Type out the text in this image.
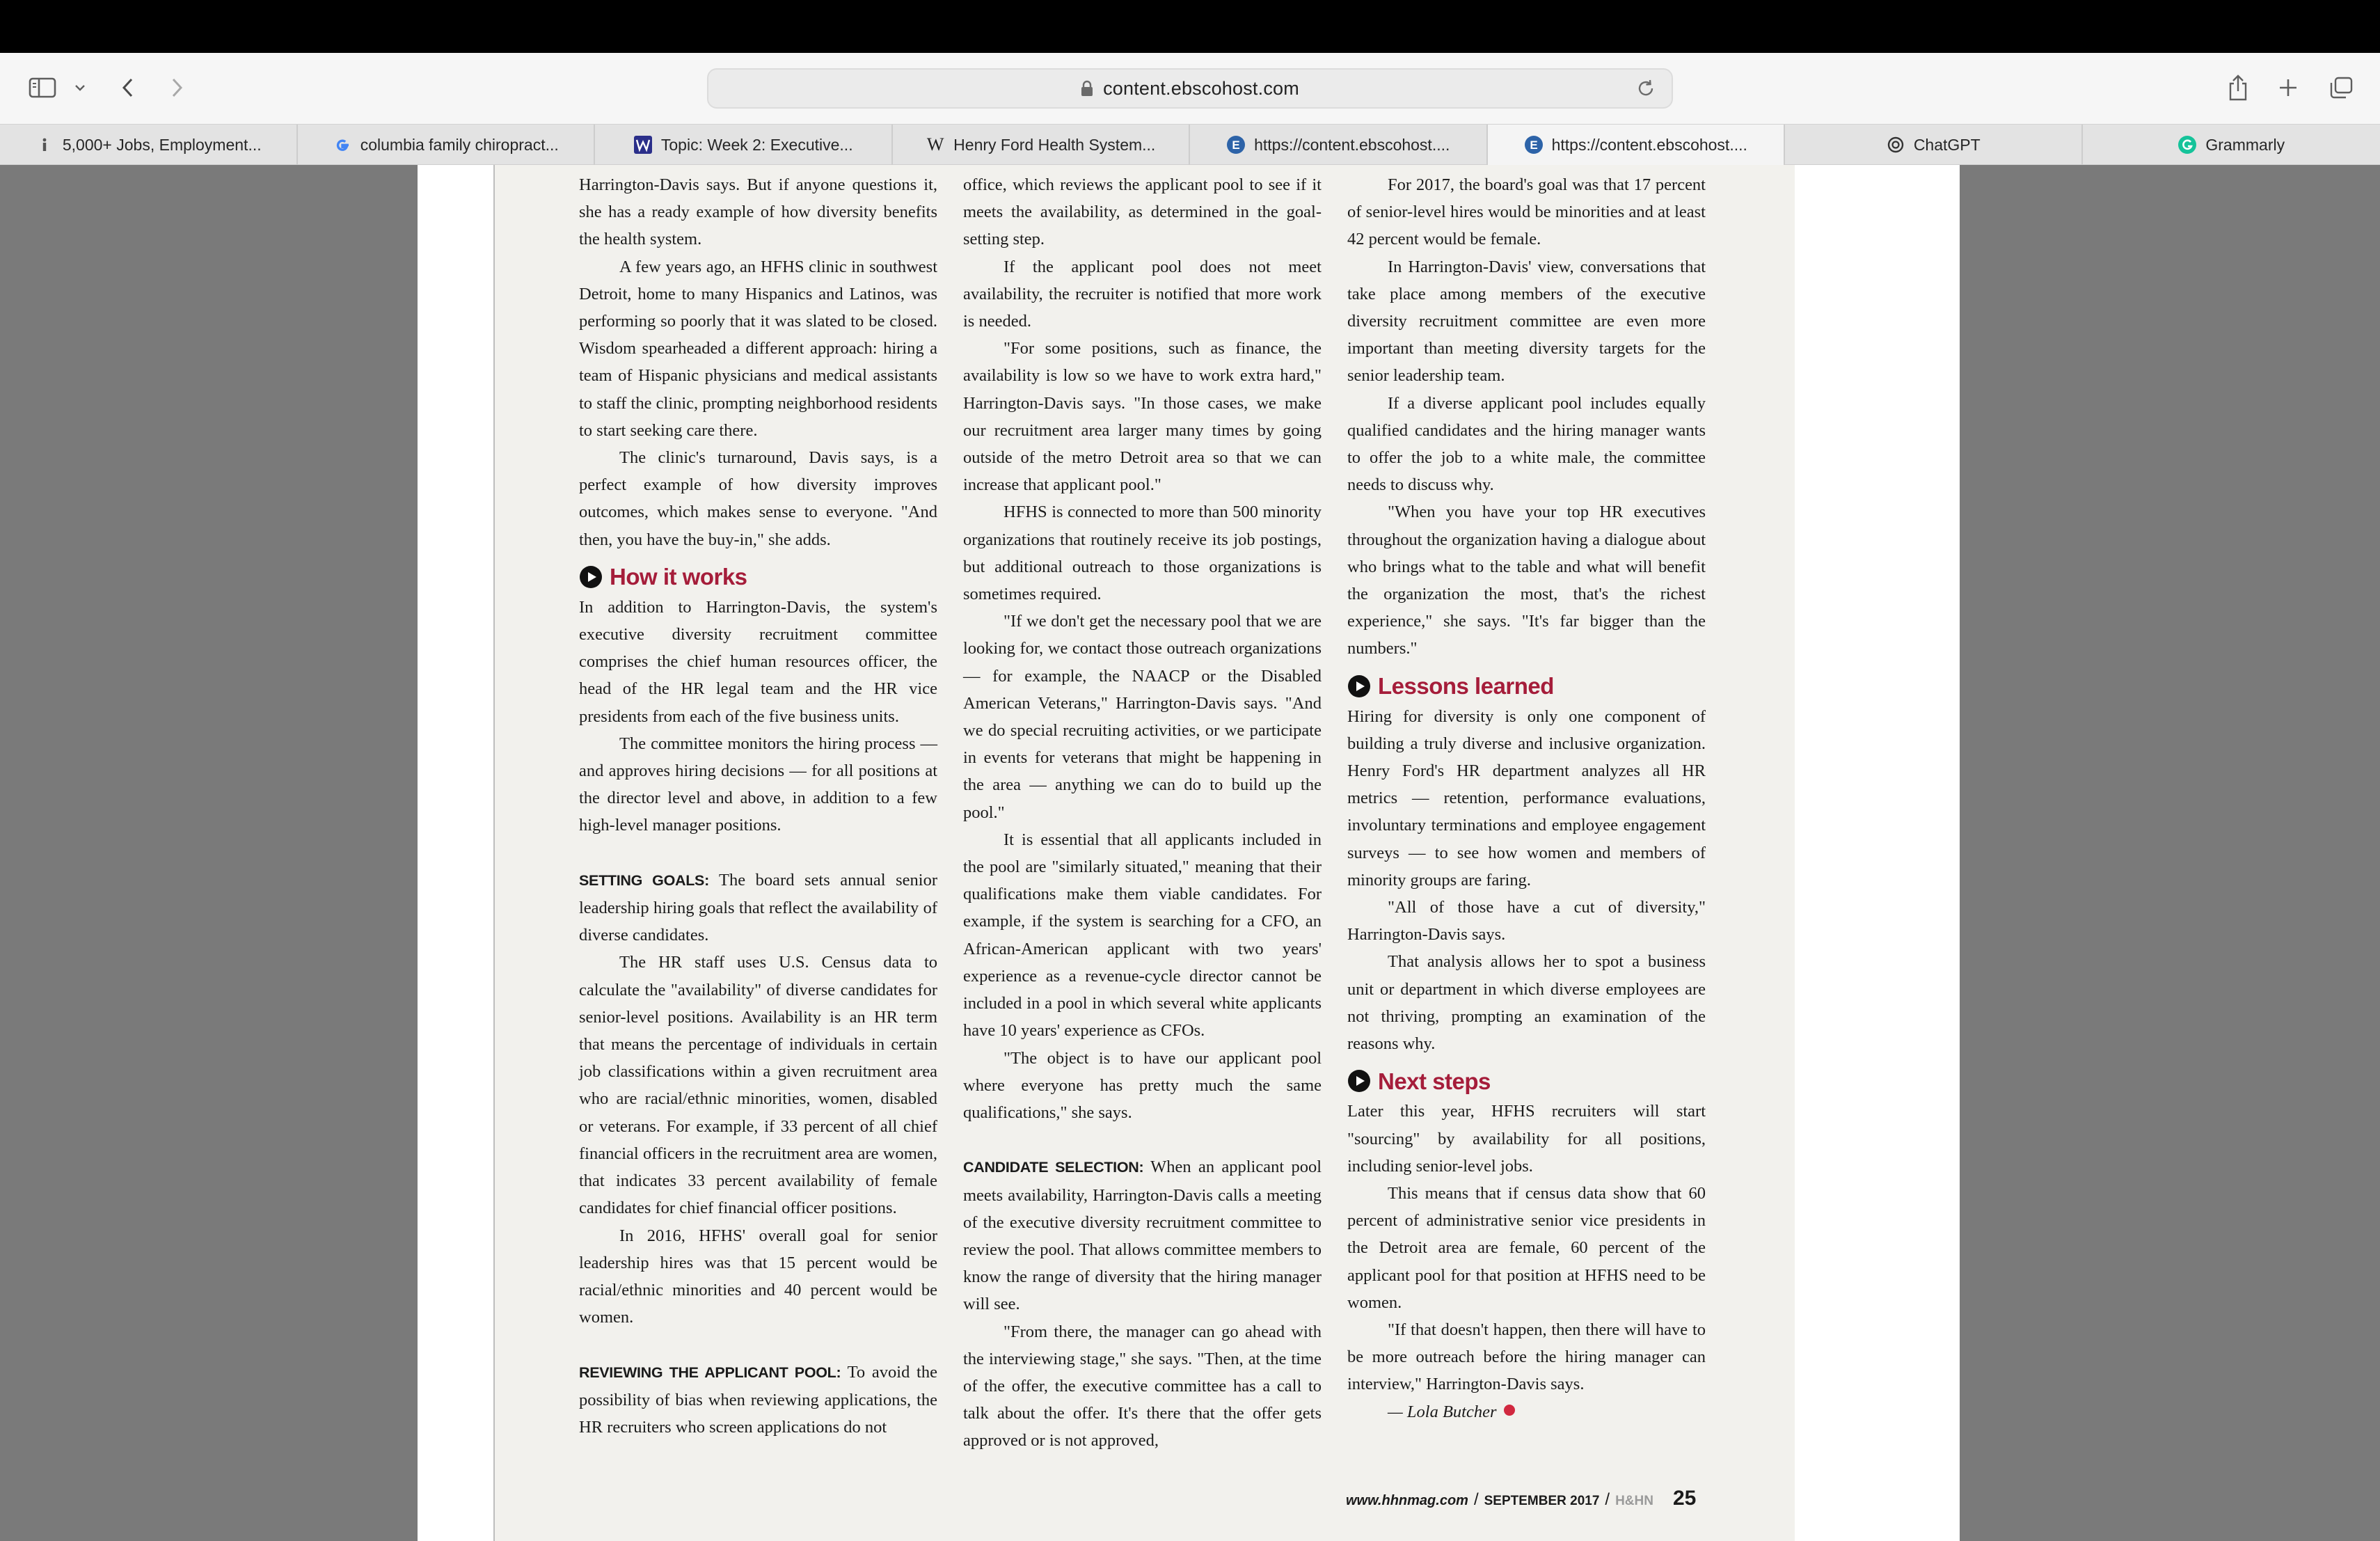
content.ebscohost.com
5,000+ Jobs, Employment...	columbia family chiropract...	Topic: Week 2: Executive...	W Henry Ford Health System...	E https://content.ebscohost....	E https://content.ebscohost....	ChatGPT	Grammarly

Harrington-Davis says. But if anyone questions it, she has a ready example of how diversity benefits the health system.

A few years ago, an HFHS clinic in southwest Detroit, home to many Hispanics and Latinos, was performing so poorly that it was slated to be closed. Wisdom spearheaded a different approach: hiring a team of Hispanic physicians and medical assistants to staff the clinic, prompting neighborhood residents to start seeking care there.

The clinic's turnaround, Davis says, is a perfect example of how diversity improves outcomes, which makes sense to everyone. "And then, you have the buy-in," she adds.

How it works

In addition to Harrington-Davis, the system's executive diversity recruitment committee comprises the chief human resources officer, the head of the HR legal team and the HR vice presidents from each of the five business units.

The committee monitors the hiring process — and approves hiring decisions — for all positions at the director level and above, in addition to a few high-level manager positions.

SETTING GOALS: The board sets annual senior leadership hiring goals that reflect the availability of diverse candidates.

The HR staff uses U.S. Census data to calculate the "availability" of diverse candidates for senior-level positions. Availability is an HR term that means the percentage of individuals in certain job classifications within a given recruitment area who are racial/ethnic minorities, women, disabled or veterans. For example, if 33 percent of all chief financial officers in the recruitment area are women, that indicates 33 percent availability of female candidates for chief financial officer positions.

In 2016, HFHS' overall goal for senior leadership hires was that 15 percent would be racial/ethnic minorities and 40 percent would be women.

REVIEWING THE APPLICANT POOL: To avoid the possibility of bias when reviewing applications, the HR recruiters who screen applications do not

office, which reviews the applicant pool to see if it meets the availability, as determined in the goal-setting step.

If the applicant pool does not meet availability, the recruiter is notified that more work is needed.

"For some positions, such as finance, the availability is low so we have to work extra hard," Harrington-Davis says. "In those cases, we make our recruitment area larger many times by going outside of the metro Detroit area so that we can increase that applicant pool."

HFHS is connected to more than 500 minority organizations that routinely receive its job postings, but additional outreach to those organizations is sometimes required.

"If we don't get the necessary pool that we are looking for, we contact those outreach organizations — for example, the NAACP or the Disabled American Veterans," Harrington-Davis says. "And we do special recruiting activities, or we participate in events for veterans that might be happening in the area — anything we can do to build up the pool."

It is essential that all applicants included in the pool are "similarly situated," meaning that their qualifications make them viable candidates. For example, if the system is searching for a CFO, an African-American applicant with two years' experience as a revenue-cycle director cannot be included in a pool in which several white applicants have 10 years' experience as CFOs.

"The object is to have our applicant pool where everyone has pretty much the same qualifications," she says.

CANDIDATE SELECTION: When an applicant pool meets availability, Harrington-Davis calls a meeting of the executive diversity recruitment committee to review the pool. That allows committee members to know the range of diversity that the hiring manager will see.

"From there, the manager can go ahead with the interviewing stage," she says. "Then, at the time of the offer, the executive committee has a call to talk about the offer. It's there that the offer gets approved or is not approved,

For 2017, the board's goal was that 17 percent of senior-level hires would be minorities and at least 42 percent would be female.

In Harrington-Davis' view, conversations that take place among members of the executive diversity recruitment committee are even more important than meeting diversity targets for the senior leadership team.

If a diverse applicant pool includes equally qualified candidates and the hiring manager wants to offer the job to a white male, the committee needs to discuss why.

"When you have your top HR executives throughout the organization having a dialogue about who brings what to the table and what will benefit the organization the most, that's the richest experience," she says. "It's far bigger than the numbers."

Lessons learned

Hiring for diversity is only one component of building a truly diverse and inclusive organization. Henry Ford's HR department analyzes all HR metrics — retention, performance evaluations, involuntary terminations and employee engagement surveys — to see how women and members of minority groups are faring.

"All of those have a cut of diversity," Harrington-Davis says.

That analysis allows her to spot a business unit or department in which diverse employees are not thriving, prompting an examination of the reasons why.

Next steps

Later this year, HFHS recruiters will start "sourcing" by availability for all positions, including senior-level jobs.

This means that if census data show that 60 percent of administrative senior vice presidents in the Detroit area are female, 60 percent of the applicant pool for that position at HFHS need to be women.

"If that doesn't happen, then there will have to be more outreach before the hiring manager can interview," Harrington-Davis says.

— Lola Butcher

www.hhnmag.com / SEPTEMBER 2017 / H&HN 25
